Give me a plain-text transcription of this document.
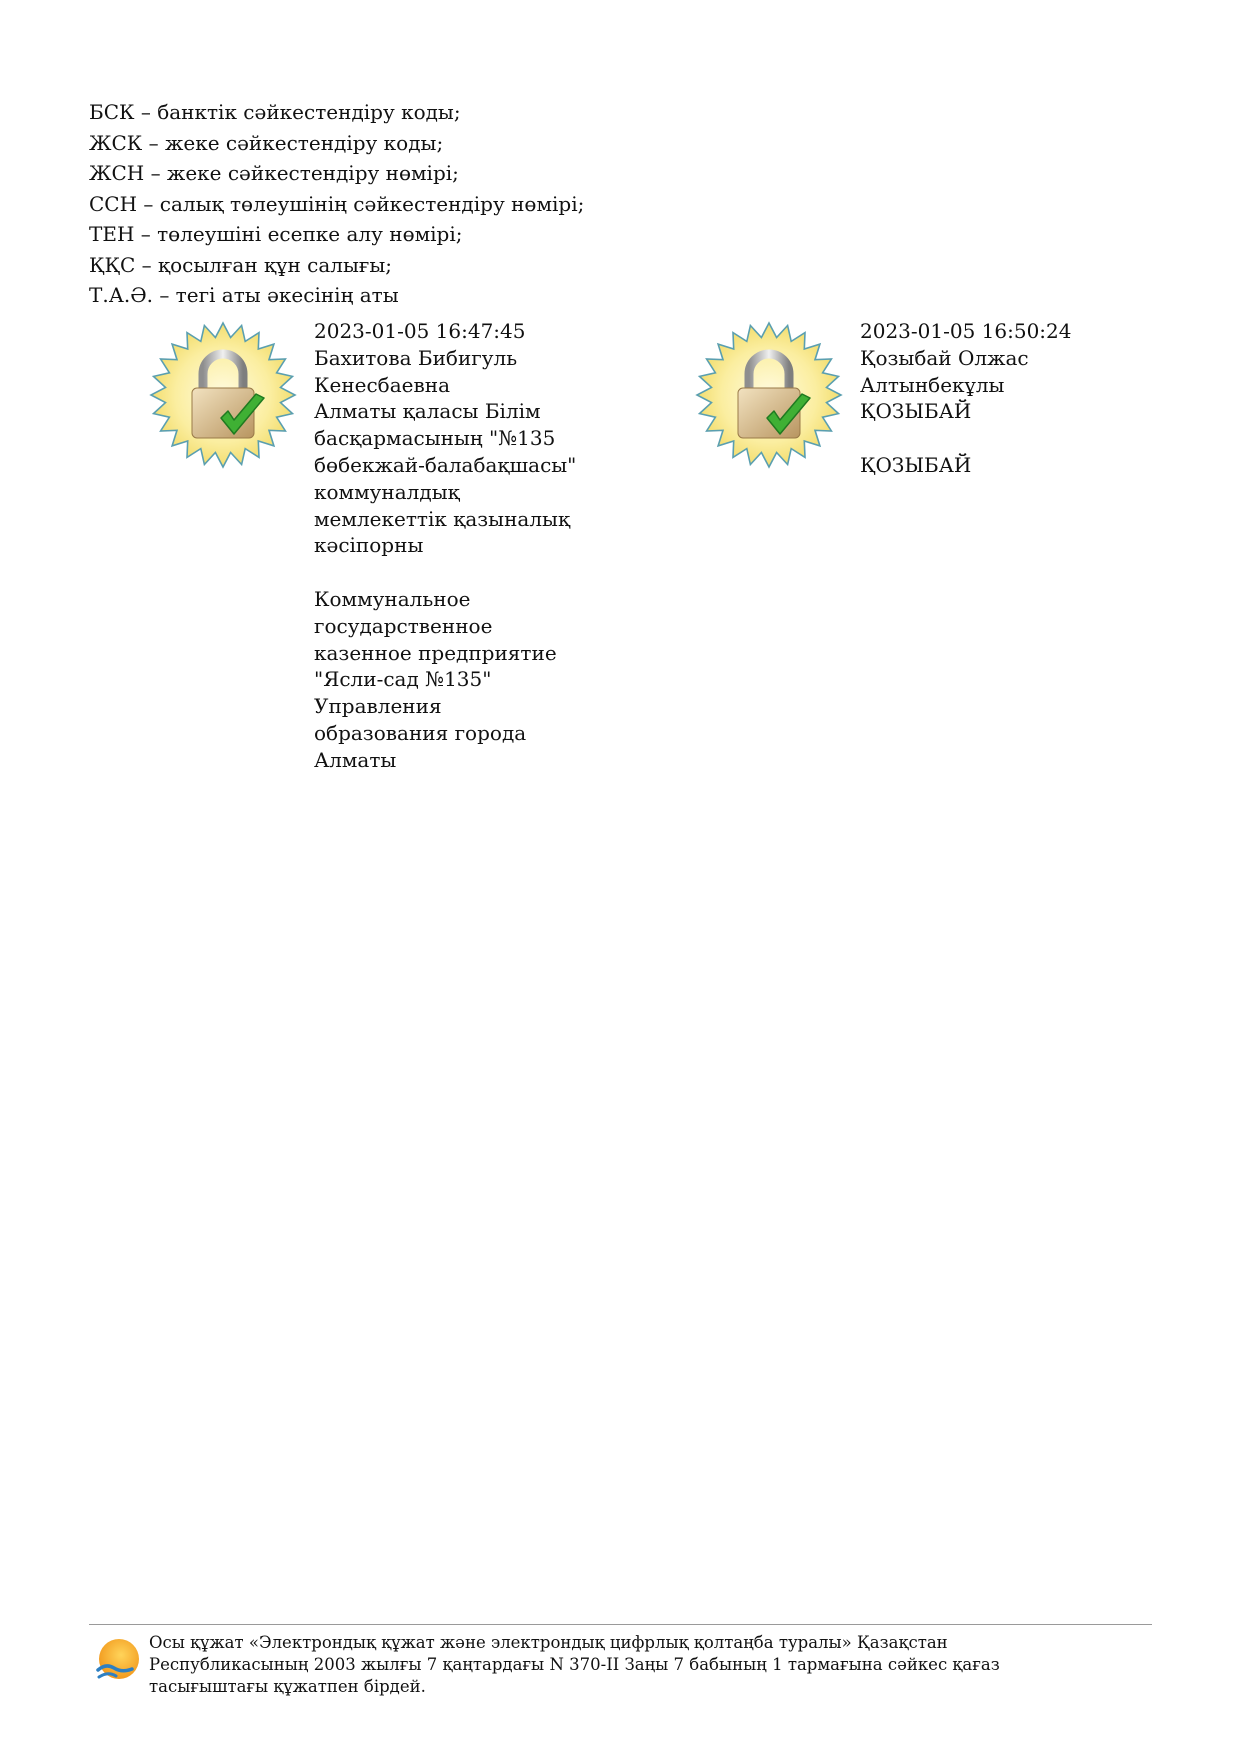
БСК – банктік сәйкестендіру коды;
ЖСК – жеке сәйкестендіру коды;
ЖСН – жеке сәйкестендіру нөмірі;
ССН – салық төлеушінің сәйкестендіру нөмірі;
ТЕН – төлеушіні есепке алу нөмірі;
ҚҚС – қосылған құн салығы;
Т.А.Ә. – тегі аты әкесінің аты
2023-01-05 16:47:45
Бахитова Бибигуль
Кенесбаевна
Алматы қаласы Білім
басқармасының "№135
бөбекжай-балабақшасы"
коммуналдық
мемлекеттік қазыналық
кәсіпорны
Коммунальное
государственное
казенное предприятие
"Ясли-сад №135"
Управления
образования города
Алматы
2023-01-05 16:50:24
Қозыбай Олжас
Алтынбекұлы
ҚОЗЫБАЙ
ҚОЗЫБАЙ
Осы құжат «Электрондық құжат және электрондық цифрлық қолтаңба туралы» Қазақстан
Республикасының 2003 жылғы 7 қаңтардағы N 370-II Заңы 7 бабының 1 тармағына сәйкес қағаз
тасығыштағы құжатпен бірдей.
